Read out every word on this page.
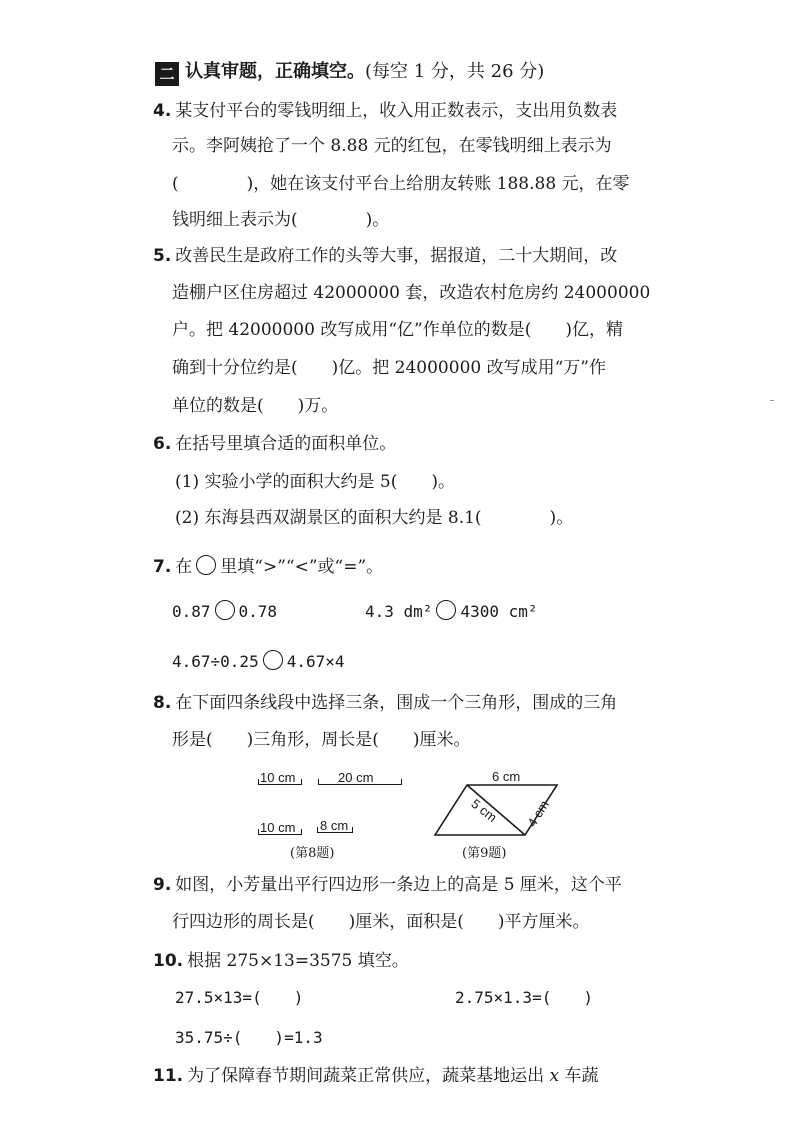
二 认真审题，正确填空。(每空 1 分，共 26 分)
4. 某支付平台的零钱明细上，收入用正数表示，支出用负数表
示。李阿姨抢了一个 8.88 元的红包，在零钱明细上表示为
(　　　　)，她在该支付平台上给朋友转账 188.88 元，在零
钱明细上表示为(　　　　)。
5. 改善民生是政府工作的头等大事，据报道，二十大期间，改
造棚户区住房超过 42000000 套，改造农村危房约 24000000
户。把 42000000 改写成用“亿”作单位的数是(　　)亿，精
确到十分位约是(　　)亿。把 24000000 改写成用“万”作
单位的数是(　　)万。
6. 在括号里填合适的面积单位。
(1) 实验小学的面积大约是 5(　　)。
(2) 东海县西双湖景区的面积大约是 8.1(　　　　)。
7. 在 里填“>”“<”或“=”。
0.87 0.78	4.3 dm² 4300 cm²
4.67÷0.25 4.67×4
8. 在下面四条线段中选择三条，围成一个三角形，围成的三角
形是(　　)三角形，周长是(　　)厘米。
10 cm	20 cm
10 cm 8 cm
(第8题)
6 cm
5 cm 4 cm
(第9题)
9. 如图，小芳量出平行四边形一条边上的高是 5 厘米，这个平
行四边形的周长是(　　)厘米，面积是(　　)平方厘米。
10. 根据 275×13=3575 填空。
27.5×13=(　　)	2.75×1.3=(　　)
35.75÷(　　)=1.3
11. 为了保障春节期间蔬菜正常供应，蔬菜基地运出 x 车蔬
